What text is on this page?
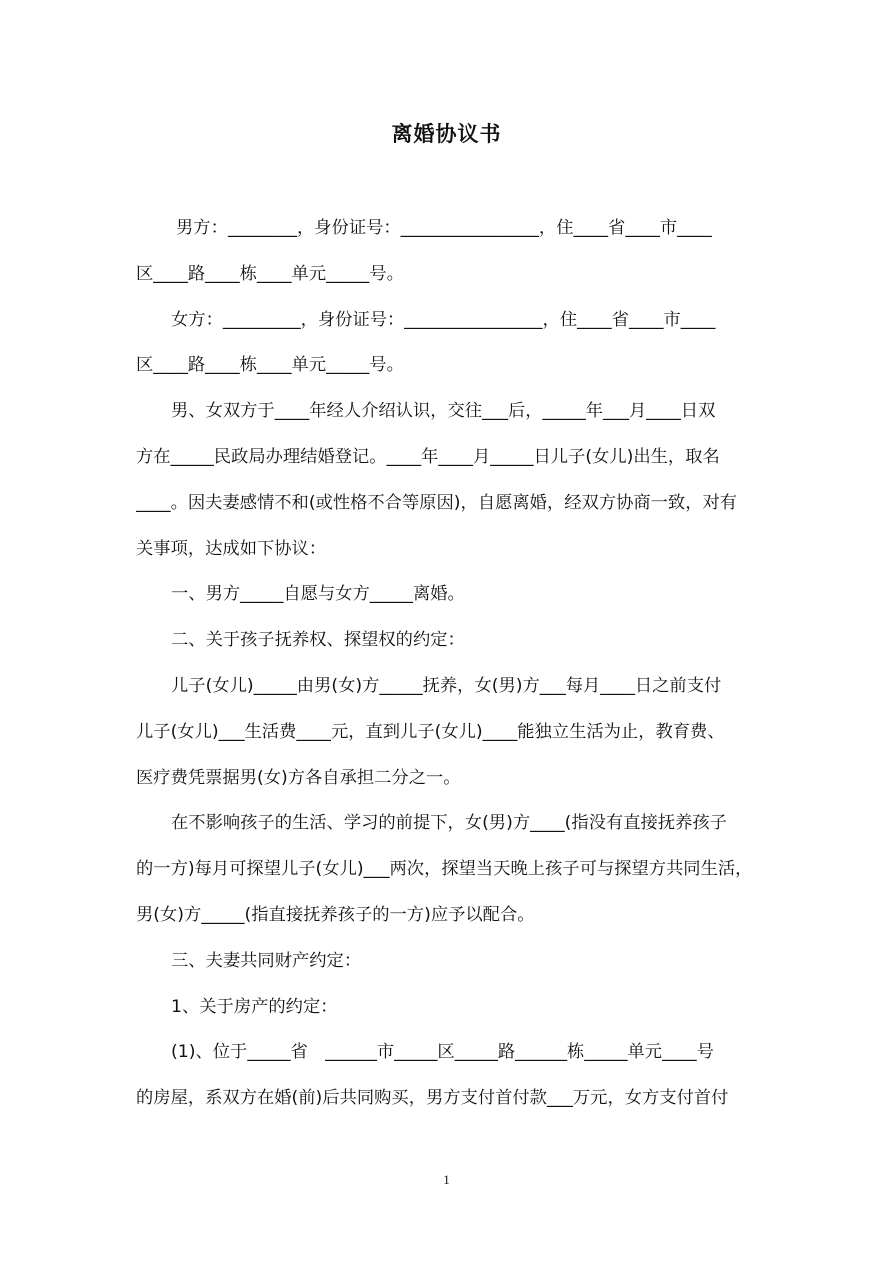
离婚协议书

男方：________，身份证号：________________，住____省____市____

区____路____栋____单元_____号。

女方：_________，身份证号：________________，住____省____市____

区____路____栋____单元_____号。

男、女双方于____年经人介绍认识，交往___后，_____年___月____日双

方在_____民政局办理结婚登记。____年____月_____日儿子(女儿)出生，取名

____。因夫妻感情不和(或性格不合等原因)，自愿离婚，经双方协商一致，对有

关事项，达成如下协议：

一、男方_____自愿与女方_____离婚。

二、关于孩子抚养权、探望权的约定：

儿子(女儿)_____由男(女)方_____抚养，女(男)方___每月____日之前支付

儿子(女儿)___生活费____元，直到儿子(女儿)____能独立生活为止，教育费、

医疗费凭票据男(女)方各自承担二分之一。

在不影响孩子的生活、学习的前提下，女(男)方____(指没有直接抚养孩子

的一方)每月可探望儿子(女儿)___两次，探望当天晚上孩子可与探望方共同生活，

男(女)方_____(指直接抚养孩子的一方)应予以配合。

三、夫妻共同财产约定：

1、关于房产的约定：

(1)、位于_____省　______市_____区_____路______栋_____单元____号

的房屋，系双方在婚(前)后共同购买，男方支付首付款___万元，女方支付首付

1
